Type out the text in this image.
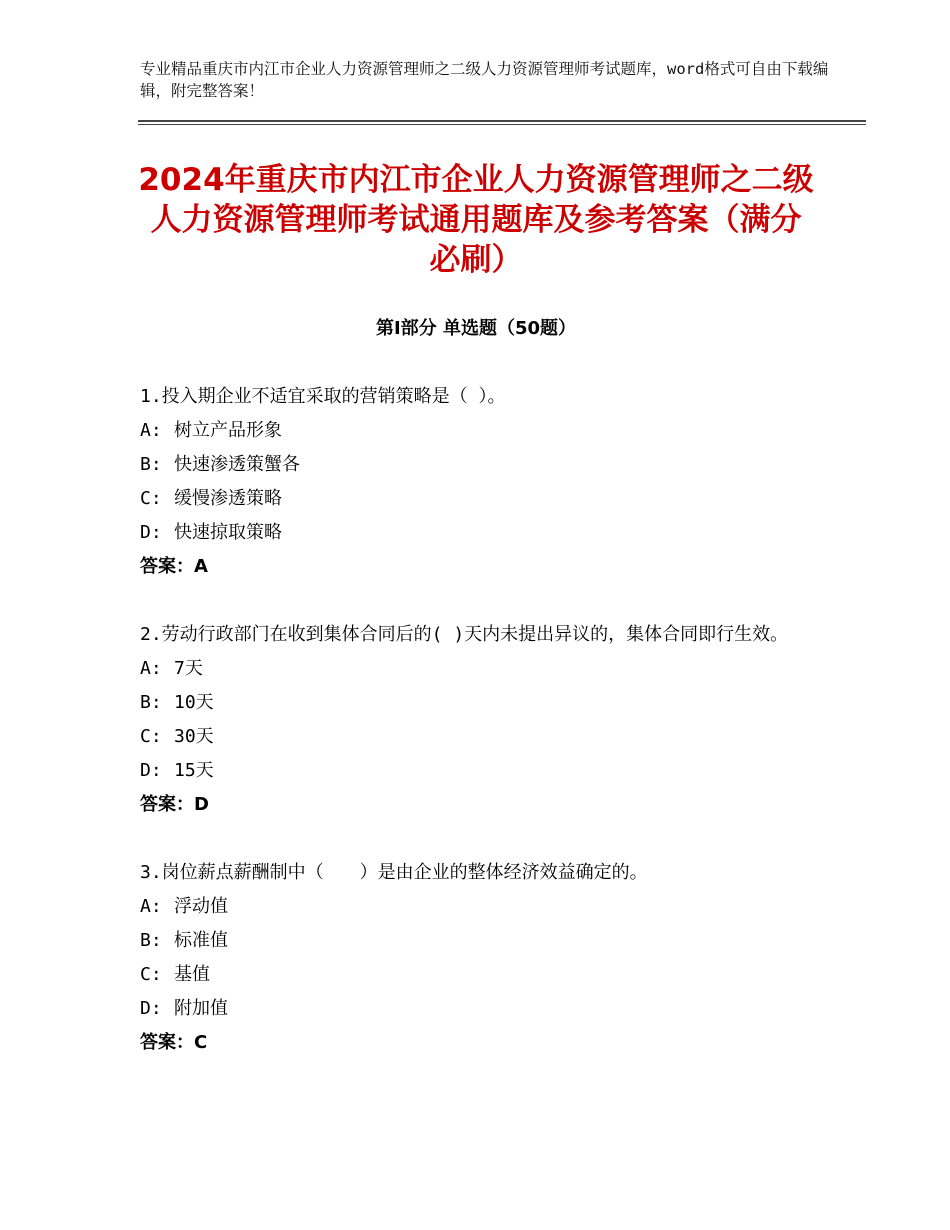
专业精品重庆市内江市企业人力资源管理师之二级人力资源管理师考试题库，word格式可自由下载编辑，附完整答案！
2024年重庆市内江市企业人力资源管理师之二级人力资源管理师考试通用题库及参考答案（满分必刷）
第Ⅰ部分 单选题（50题）

1.投入期企业不适宜采取的营销策略是（ ）。

A: 树立产品形象

B: 快速渗透策蟹各

C: 缓慢渗透策略

D: 快速掠取策略

答案：A

2.劳动行政部门在收到集体合同后的( )天内未提出异议的，集体合同即行生效。

A: 7天

B: 10天

C: 30天

D: 15天

答案：D

3.岗位薪点薪酬制中（　　）是由企业的整体经济效益确定的。

A: 浮动值

B: 标准值

C: 基值

D: 附加值

答案：C
